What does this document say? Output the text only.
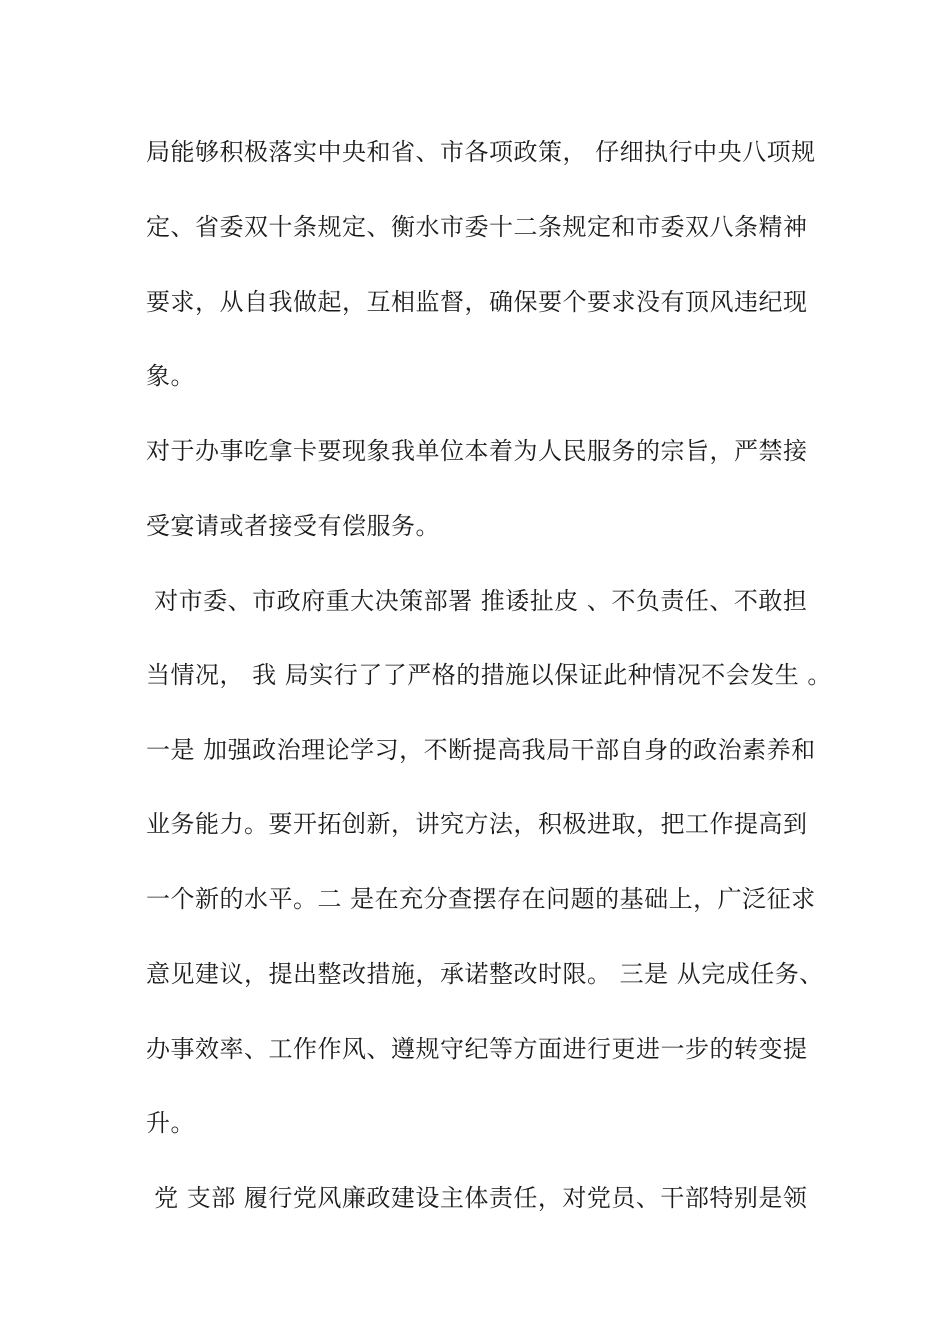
局能够积极落实中央和省、市各项政策， 仔细执行中央八项规
定、省委双十条规定、衡水市委十二条规定和市委双八条精神
要求，从自我做起，互相监督，确保要个要求没有顶风违纪现
象。
对于办事吃拿卡要现象我单位本着为人民服务的宗旨，严禁接
受宴请或者接受有偿服务。
对市委、市政府重大决策部署 推诿扯皮 、不负责任、不敢担
当情况， 我 局实行了了严格的措施以保证此种情况不会发生 。
一是 加强政治理论学习，不断提高我局干部自身的政治素养和
业务能力。要开拓创新，讲究方法，积极进取，把工作提高到
一个新的水平。二 是在充分查摆存在问题的基础上，广泛征求
意见建议，提出整改措施，承诺整改时限。 三是 从完成任务、
办事效率、工作作风、遵规守纪等方面进行更进一步的转变提
升。
党 支部 履行党风廉政建设主体责任，对党员、干部特别是领
